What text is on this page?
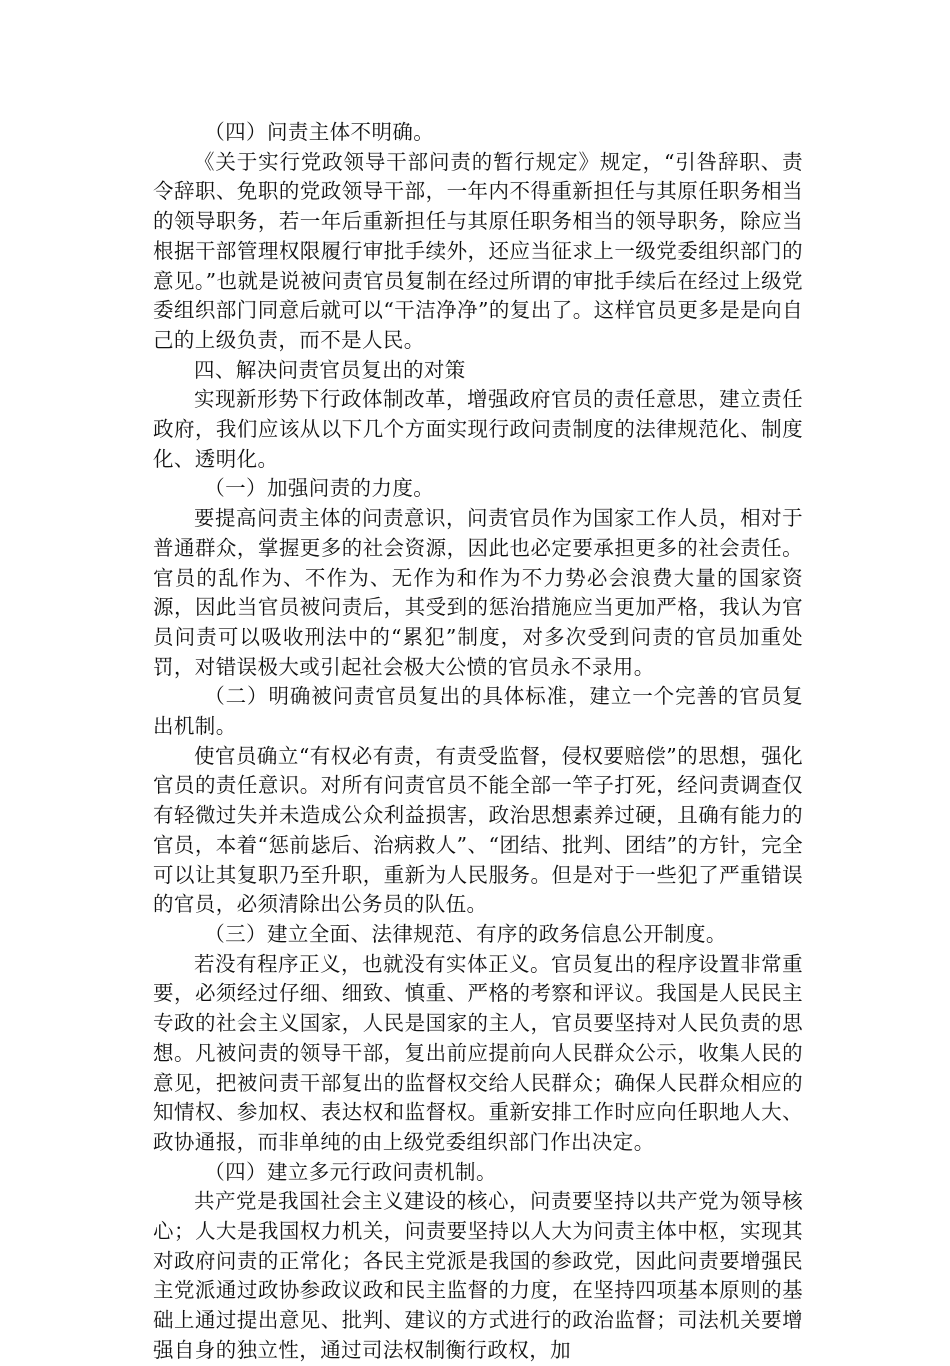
（四）问责主体不明确。

《关于实行党政领导干部问责的暂行规定》规定，“引咎辞职、责令辞职、免职的党政领导干部，一年内不得重新担任与其原任职务相当的领导职务，若一年后重新担任与其原任职务相当的领导职务，除应当根据干部管理权限履行审批手续外，还应当征求上一级党委组织部门的意见。”也就是说被问责官员复制在经过所谓的审批手续后在经过上级党委组织部门同意后就可以“干洁净净”的复出了。这样官员更多是是向自己的上级负责，而不是人民。

四、解决问责官员复出的对策

实现新形势下行政体制改革，增强政府官员的责任意思，建立责任政府，我们应该从以下几个方面实现行政问责制度的法律规范化、制度化、透明化。

（一）加强问责的力度。

要提高问责主体的问责意识，问责官员作为国家工作人员，相对于普通群众，掌握更多的社会资源，因此也必定要承担更多的社会责任。官员的乱作为、不作为、无作为和作为不力势必会浪费大量的国家资源，因此当官员被问责后，其受到的惩治措施应当更加严格，我认为官员问责可以吸收刑法中的“累犯”制度，对多次受到问责的官员加重处罚，对错误极大或引起社会极大公愤的官员永不录用。

（二）明确被问责官员复出的具体标准，建立一个完善的官员复出机制。

使官员确立“有权必有责，有责受监督，侵权要赔偿”的思想，强化官员的责任意识。对所有问责官员不能全部一竿子打死，经问责调查仅有轻微过失并未造成公众利益损害，政治思想素养过硬，且确有能力的官员，本着“惩前毖后、治病救人”、“团结、批判、团结”的方针，完全可以让其复职乃至升职，重新为人民服务。但是对于一些犯了严重错误的官员，必须清除出公务员的队伍。

（三）建立全面、法律规范、有序的政务信息公开制度。

若没有程序正义，也就没有实体正义。官员复出的程序设置非常重要，必须经过仔细、细致、慎重、严格的考察和评议。我国是人民民主专政的社会主义国家，人民是国家的主人，官员要坚持对人民负责的思想。凡被问责的领导干部，复出前应提前向人民群众公示，收集人民的意见，把被问责干部复出的监督权交给人民群众；确保人民群众相应的知情权、参加权、表达权和监督权。重新安排工作时应向任职地人大、政协通报，而非单纯的由上级党委组织部门作出决定。

（四）建立多元行政问责机制。

共产党是我国社会主义建设的核心，问责要坚持以共产党为领导核心；人大是我国权力机关，问责要坚持以人大为问责主体中枢，实现其对政府问责的正常化；各民主党派是我国的参政党，因此问责要增强民主党派通过政协参政议政和民主监督的力度，在坚持四项基本原则的基础上通过提出意见、批判、建议的方式进行的政治监督；司法机关要增强自身的独立性，通过司法权制衡行政权，加
